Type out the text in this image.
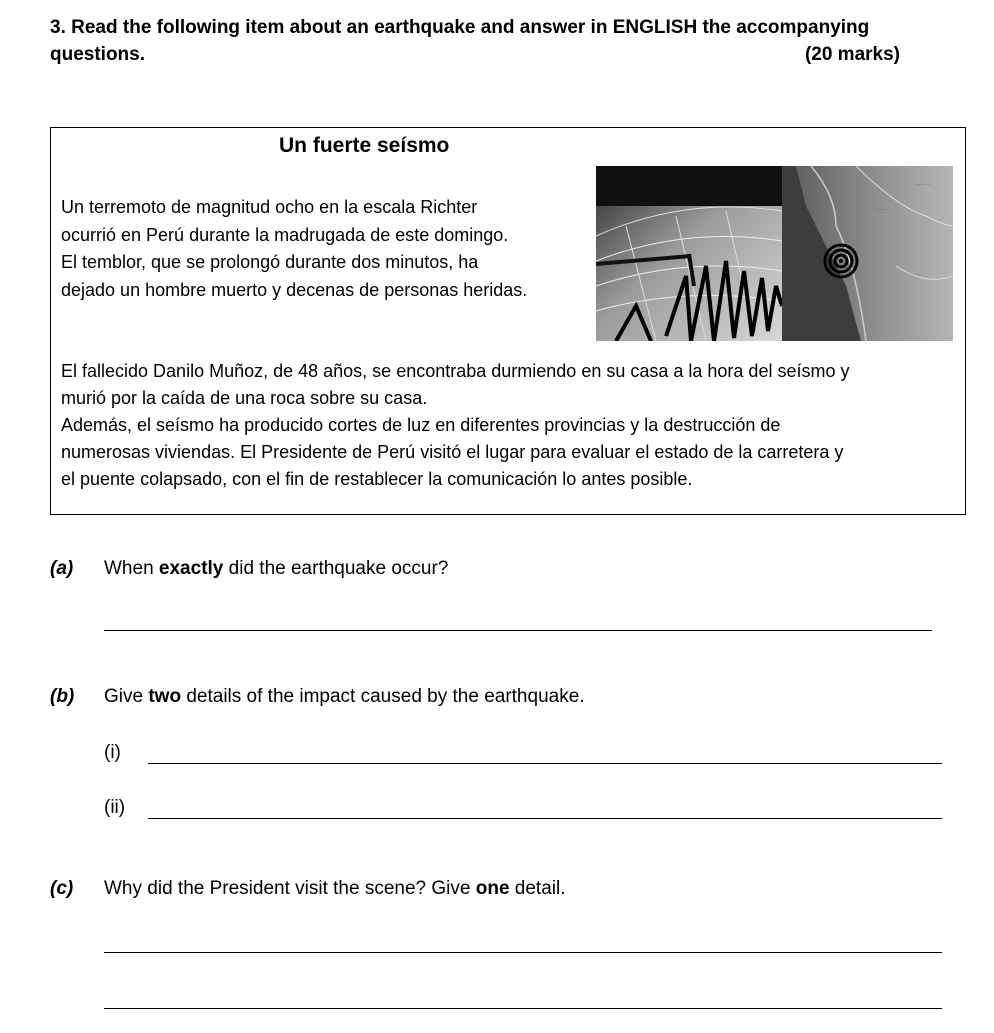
3. Read the following item about an earthquake and answer in ENGLISH the accompanying
questions.	(20 marks)
Un fuerte seísmo
Un terremoto de magnitud ocho en la escala Richter
ocurrió en Perú durante la madrugada de este domingo.
El temblor, que se prolongó durante dos minutos, ha
dejado un hombre muerto y decenas de personas heridas.
· · · · ·
· · · ·
· · ·
El fallecido Danilo Muñoz, de 48 años, se encontraba durmiendo en su casa a la hora del seísmo y
murió por la caída de una roca sobre su casa.
Además, el seísmo ha producido cortes de luz en diferentes provincias y la destrucción de
numerosas viviendas. El Presidente de Perú visitó el lugar para evaluar el estado de la carretera y
el puente colapsado, con el fin de restablecer la comunicación lo antes posible.
(a) When exactly did the earthquake occur?
(b) Give two details of the impact caused by the earthquake.
(i)
(ii)
(c) Why did the President visit the scene? Give one detail.
